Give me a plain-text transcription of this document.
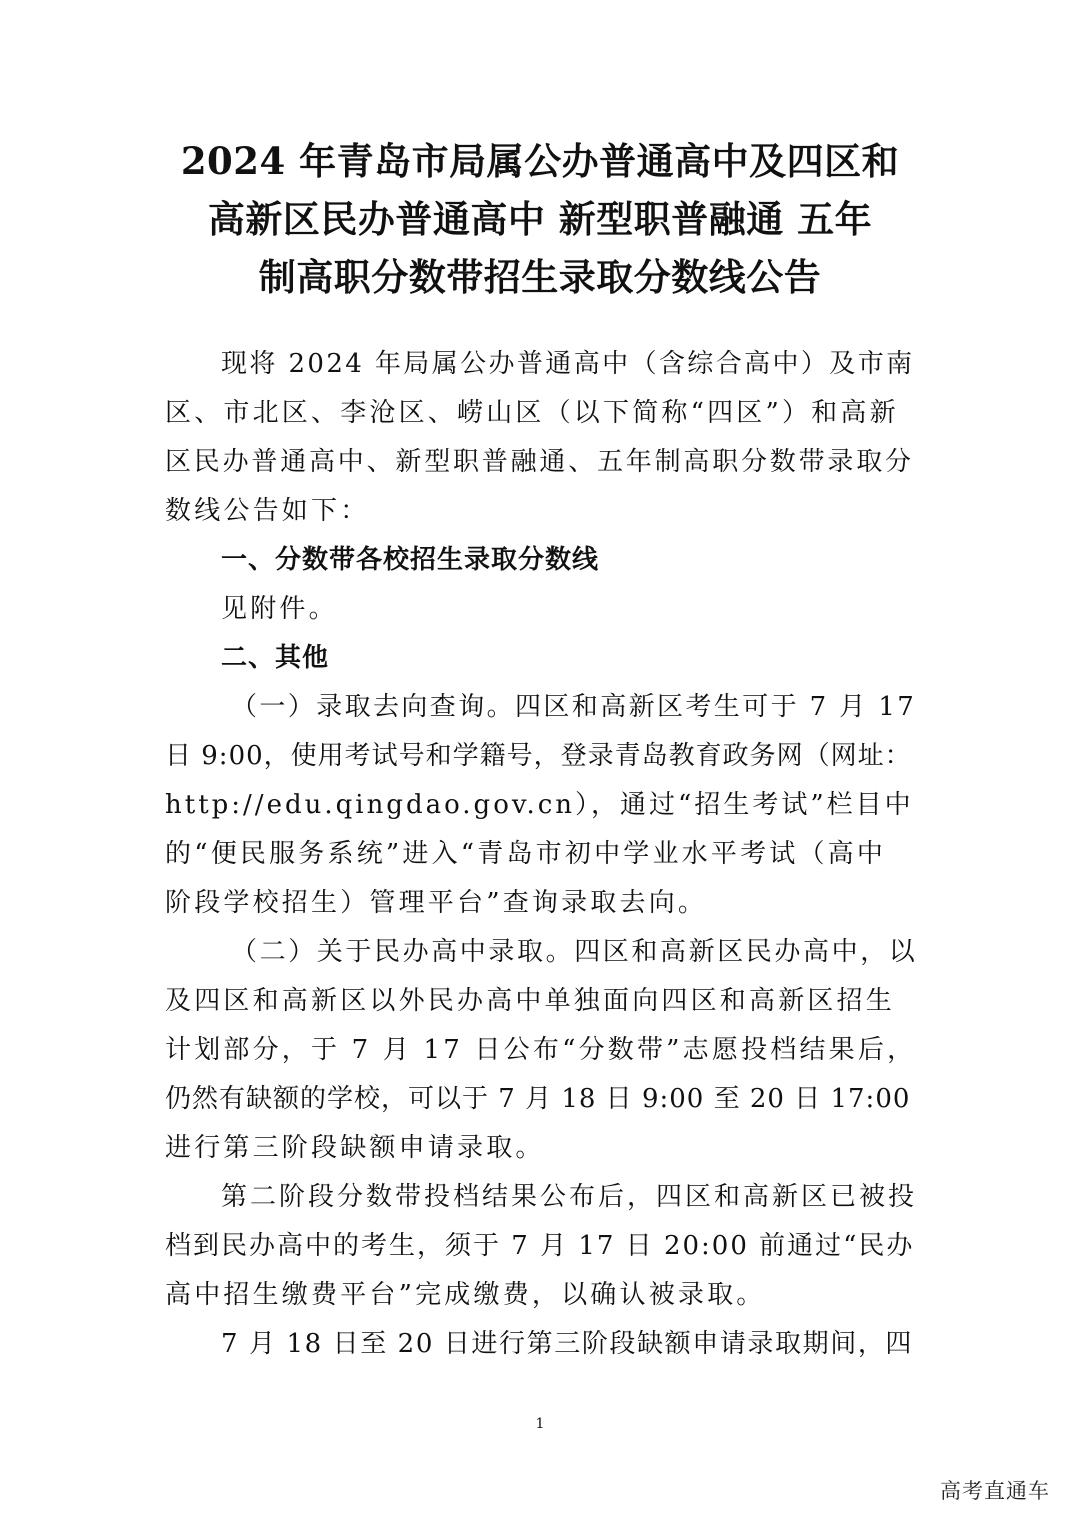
2024 年青岛市局属公办普通高中及四区和
高新区民办普通高中 新型职普融通 五年
制高职分数带招生录取分数线公告
现将 2024 年局属公办普通高中（含综合高中）及市南
区、市北区、李沧区、崂山区（以下简称“四区”）和高新
区民办普通高中、新型职普融通、五年制高职分数带录取分
数线公告如下：
一、分数带各校招生录取分数线
见附件。
二、其他
（一）录取去向查询。四区和高新区考生可于 7 月 17
日 9:00，使用考试号和学籍号，登录青岛教育政务网（网址：
http://edu.qingdao.gov.cn），通过“招生考试”栏目中
的“便民服务系统”进入“青岛市初中学业水平考试（高中
阶段学校招生）管理平台”查询录取去向。
（二）关于民办高中录取。四区和高新区民办高中，以
及四区和高新区以外民办高中单独面向四区和高新区招生
计划部分，于 7 月 17 日公布“分数带”志愿投档结果后，
仍然有缺额的学校，可以于 7 月 18 日 9:00 至 20 日 17:00
进行第三阶段缺额申请录取。
第二阶段分数带投档结果公布后，四区和高新区已被投
档到民办高中的考生，须于 7 月 17 日 20:00 前通过“民办
高中招生缴费平台”完成缴费，以确认被录取。
7 月 18 日至 20 日进行第三阶段缺额申请录取期间，四
1
高考直通车
